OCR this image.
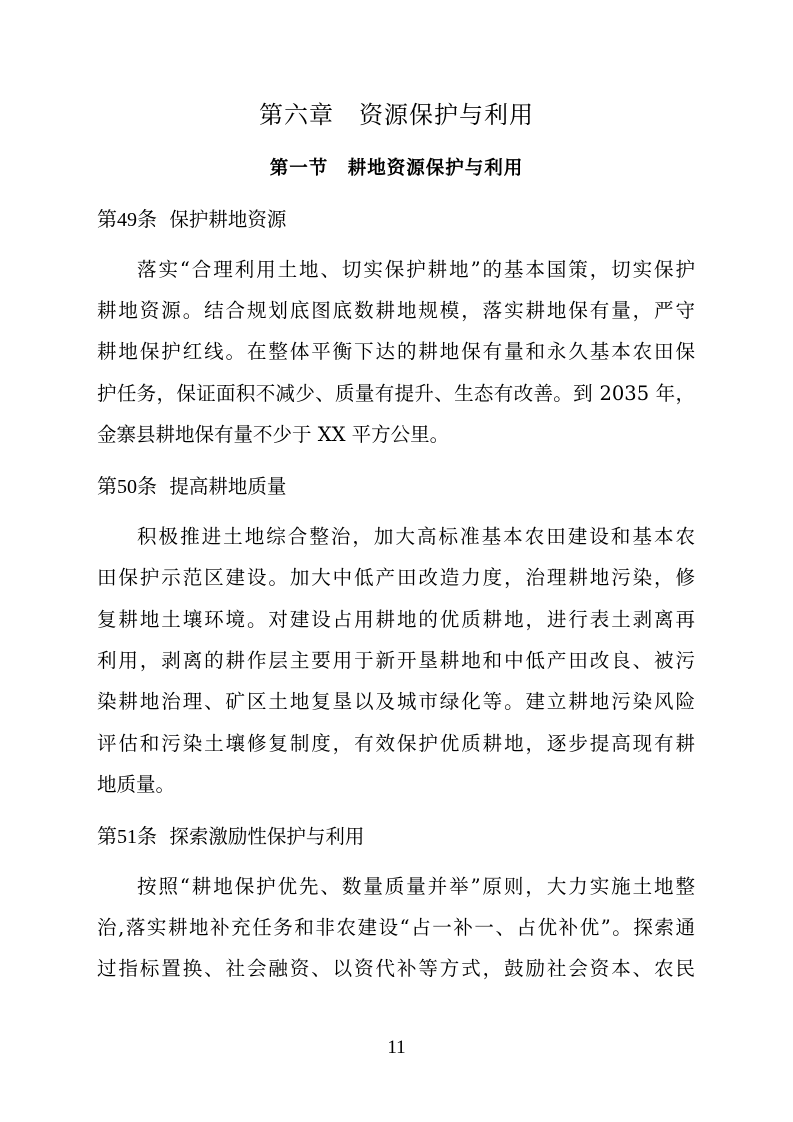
第六章　资源保护与利用
第一节　耕地资源保护与利用
第49条 保护耕地资源
落实“合理利用土地、切实保护耕地”的基本国策，切实保护
耕地资源。结合规划底图底数耕地规模，落实耕地保有量，严守
耕地保护红线。在整体平衡下达的耕地保有量和永久基本农田保
护任务，保证面积不减少、质量有提升、生态有改善。到 2035 年，
金寨县耕地保有量不少于 XX 平方公里。
第50条 提高耕地质量
积极推进土地综合整治，加大高标准基本农田建设和基本农
田保护示范区建设。加大中低产田改造力度，治理耕地污染，修
复耕地土壤环境。对建设占用耕地的优质耕地，进行表土剥离再
利用，剥离的耕作层主要用于新开垦耕地和中低产田改良、被污
染耕地治理、矿区土地复垦以及城市绿化等。建立耕地污染风险
评估和污染土壤修复制度，有效保护优质耕地，逐步提高现有耕
地质量。
第51条 探索激励性保护与利用
按照“耕地保护优先、数量质量并举”原则，大力实施土地整
治,落实耕地补充任务和非农建设“占一补一、占优补优”。探索通
过指标置换、社会融资、以资代补等方式，鼓励社会资本、农民
11
